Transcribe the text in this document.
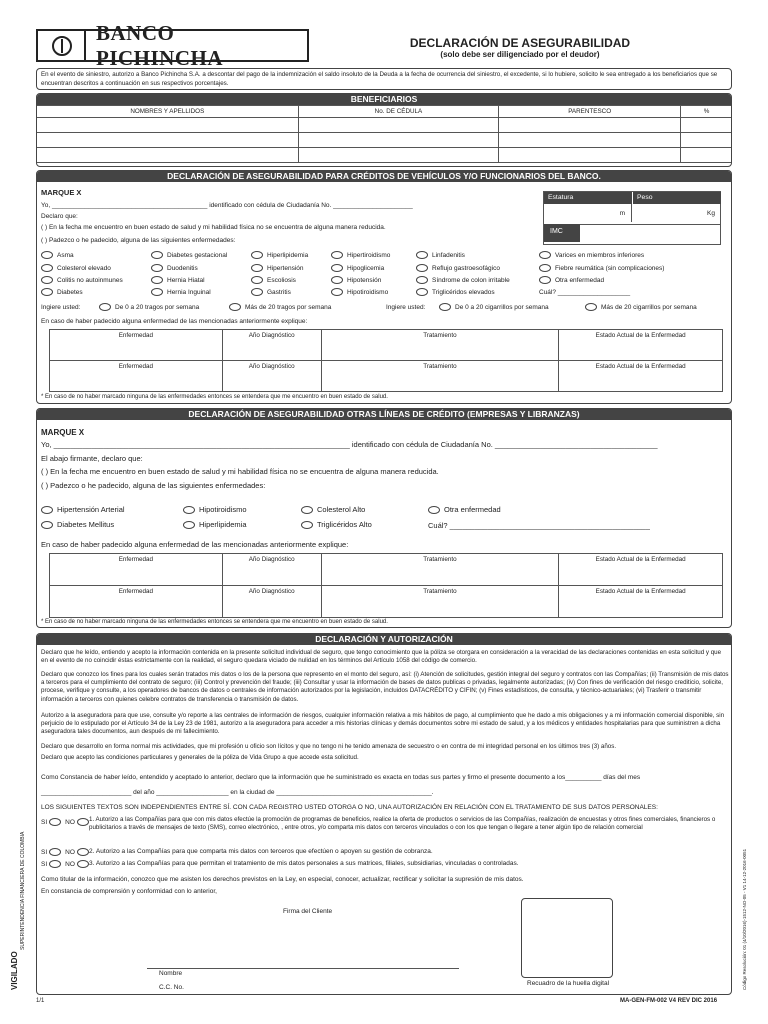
BANCO PICHINCHA
DECLARACIÓN DE ASEGURABILIDAD
(solo debe ser diligenciado por el deudor)
En el evento de siniestro, autorizo a Banco Pichincha S.A. a descontar del pago de la indemnización el saldo insoluto de la Deuda a la fecha de ocurrencia del siniestro, el excedente, si lo hubiere, solicito le sea entregado a los beneficiarios que se encuentran descritos a continuación en sus respectivos porcentajes.
BENEFICIARIOS
NOMBRES Y APELLIDOS	No. DE CÉDULA	PARENTESCO	%

DECLARACIÓN DE ASEGURABILIDAD PARA CRÉDITOS DE VEHÍCULOS Y/O FUNCIONARIOS DEL BANCO.
MARQUE X
Yo, ___________________________________________ identificado con cédula de Ciudadanía No. ______________________
Declaro que:
( ) En la fecha me encuentro en buen estado de salud y mi habilidad física no se encuentra de alguna manera reducida.
( ) Padezco o he padecido, alguna de las siguientes enfermedades:
Estatura	Peso
m	Kg
IMC
Asma	Diabetes gestacional	Hiperlipidemia	Hipertiroidismo	Linfadenitis	Varices en miembros inferiores
Colesterol elevado	Duodenitis	Hipertensión	Hipoglicemia	Reflujo gastroesofágico	Fiebre reumática (sin complicaciones)
Colitis no autoinmunes	Hernia Hiatal	Escoliosis	Hipotensión	Síndrome de colon irritable	Otra enfermedad
Diabetes	Hernia Inguinal	Gastritis	Hipotiroidismo	Triglicéridos elevados	Cuál? ____________________
Ingiere usted:	De 0 a 20 tragos por semana	Más de 20 tragos por semana	Ingiere usted:	De 0 a 20 cigarrillos por semana	Más de 20 cigarrillos por semana
En caso de haber padecido alguna enfermedad de las mencionadas anteriormente explique:
Enfermedad	Año Diagnóstico	Tratamiento	Estado Actual de la Enfermedad
Enfermedad	Año Diagnóstico	Tratamiento	Estado Actual de la Enfermedad
* En caso de no haber marcado ninguna de las enfermedades entonces se entendera que me encuentro en buen estado de salud.
DECLARACIÓN DE ASEGURABILIDAD OTRAS LÍNEAS DE CRÉDITO (EMPRESAS Y LIBRANZAS)
MARQUE X
Yo, _______________________________________________________________________ identificado con cédula de Ciudadanía No. _______________________________________
El abajo firmante, declaro que:
( ) En la fecha me encuentro en buen estado de salud y mi habilidad física no se encuentra de alguna manera reducida.
( ) Padezco o he padecido, alguna de las siguientes enfermedades:
Hipertensión Arterial	Hipotiroidismo	Colesterol Alto	Otra enfermedad
Diabetes Mellitus	Hiperlipidemia	Triglicéridos Alto	Cuál? ________________________________________________
En caso de haber padecido alguna enfermedad de las mencionadas anteriormente explique:
Enfermedad	Año Diagnóstico	Tratamiento	Estado Actual de la Enfermedad
Enfermedad	Año Diagnóstico	Tratamiento	Estado Actual de la Enfermedad
* En caso de no haber marcado ninguna de las enfermedades entonces se entendera que me encuentro en buen estado de salud.
DECLARACIÓN Y AUTORIZACIÓN
Declaro que he leído, entiendo y acepto la información contenida en la presente solicitud individual de seguro, que tengo conocimiento que la póliza se otorgara en consideración a la veracidad de las declaraciones contenidas en esta solicitud y que en el evento de no coincidir éstas estrictamente con la realidad, el seguro quedara viciado de nulidad en los términos del Artículo 1058 del código de comercio.
Declaro que conozco los fines para los cuales serán tratados mis datos o los de la persona que represento en el monto del seguro, así: (i) Atención de solicitudes, gestión integral del seguro y contratos con las Compañías; (ii) Transmisión de mis datos a terceros para el cumplimiento del contrato de seguro; (iii) Control y prevención del fraude; (iii) Consultar y usar la información de bases de datos publicas o privadas, legalmente autorizadas; (iv) Con fines de verificación del riesgo crediticio, solicite, procese, verifique y consulte, a los operadores de bancos de datos o centrales de información autorizados por la legislación, incluidos DATACRÉDITO y CIFIN; (v) Fines estadísticos, de consulta, y técnico-actuariales; (vi) Trasferir o transmitir información a terceros con quienes celebre contratos de transferencia o transmisión de datos.
Autorizo a la aseguradora para que use, consulte y/o reporte a las centrales de información de riesgos, cualquier información relativa a mis hábitos de pago, al cumplimiento que he dado a mis obligaciones y a mi información comercial disponible, sin perjuicio de lo estipulado por el Artículo 34 de la Ley 23 de 1981, autorizo a la aseguradora para acceder a mis historias clínicas y demás documentos sobre mi estado de salud, y a los médicos y entidades hospitalarias para que suministren a dicha aseguradora tales documentos, aun después de mi fallecimiento.
Declaro que desarrollo en forma normal mis actividades, que mi profesión u oficio son lícitos y que no tengo ni he tenido amenaza de secuestro o en contra de mi integridad personal en los últimos tres (3) años.
Declaro que acepto las condiciones particulares y generales de la póliza de Vida Grupo a que accede esta solicitud.
Como Constancia de haber leído, entendido y aceptado lo anterior, declaro que la información que he suministrado es exacta en todas sus partes y firmo el presente documento a los__________ días del mes
_________________________ del año ____________________ en la ciudad de ___________________________________________.
LOS SIGUIENTES TEXTOS SON INDEPENDIENTES ENTRE SÍ. CON CADA REGISTRO USTED OTORGA O NO, UNA AUTORIZACIÓN EN RELACIÓN CON EL TRATAMIENTO DE SUS DATOS PERSONALES:
SI	NO 1. Autorizo a las Compañías para que con mis datos efectúe la promoción de programas de beneficios, realice la oferta de productos o servicios de las Compañías, realización de encuestas y otros fines comerciales, financieros o publicitarios a través de mensajes de texto (SMS), correo electrónico, , entre otros, y/o comparta mis datos con terceros vinculados o con los que tengan o llegare a tener algún tipo de relación comercial
SI	NO 2. Autorizo a las Compañías para que comparta mis datos con terceros que efectúen o apoyen su gestión de cobranza.
SI	NO 3. Autorizo a las Compañías para que permitan el tratamiento de mis datos personales a sus matrices, filiales, subsidiarias, vinculadas o controladas.
Como titular de la información, conozco que me asisten los derechos previstos en la Ley, en especial, conocer, actualizar, rectificar y solicitar la supresión de mis datos.
En constancia de comprensión y conformidad con lo anterior,
Firma del Cliente
Nombre
C.C. No.
Recuadro de la huella digital
VIGILADO
SUPERINTENDENCIA FINANCIERA DE COLOMBIA	Código Resolución: 01 (4/10/2016)-1512-NO-05 - V1 14-12-2016-0051
1/1	MA-GEN-FM-002 V4 REV DIC 2016
